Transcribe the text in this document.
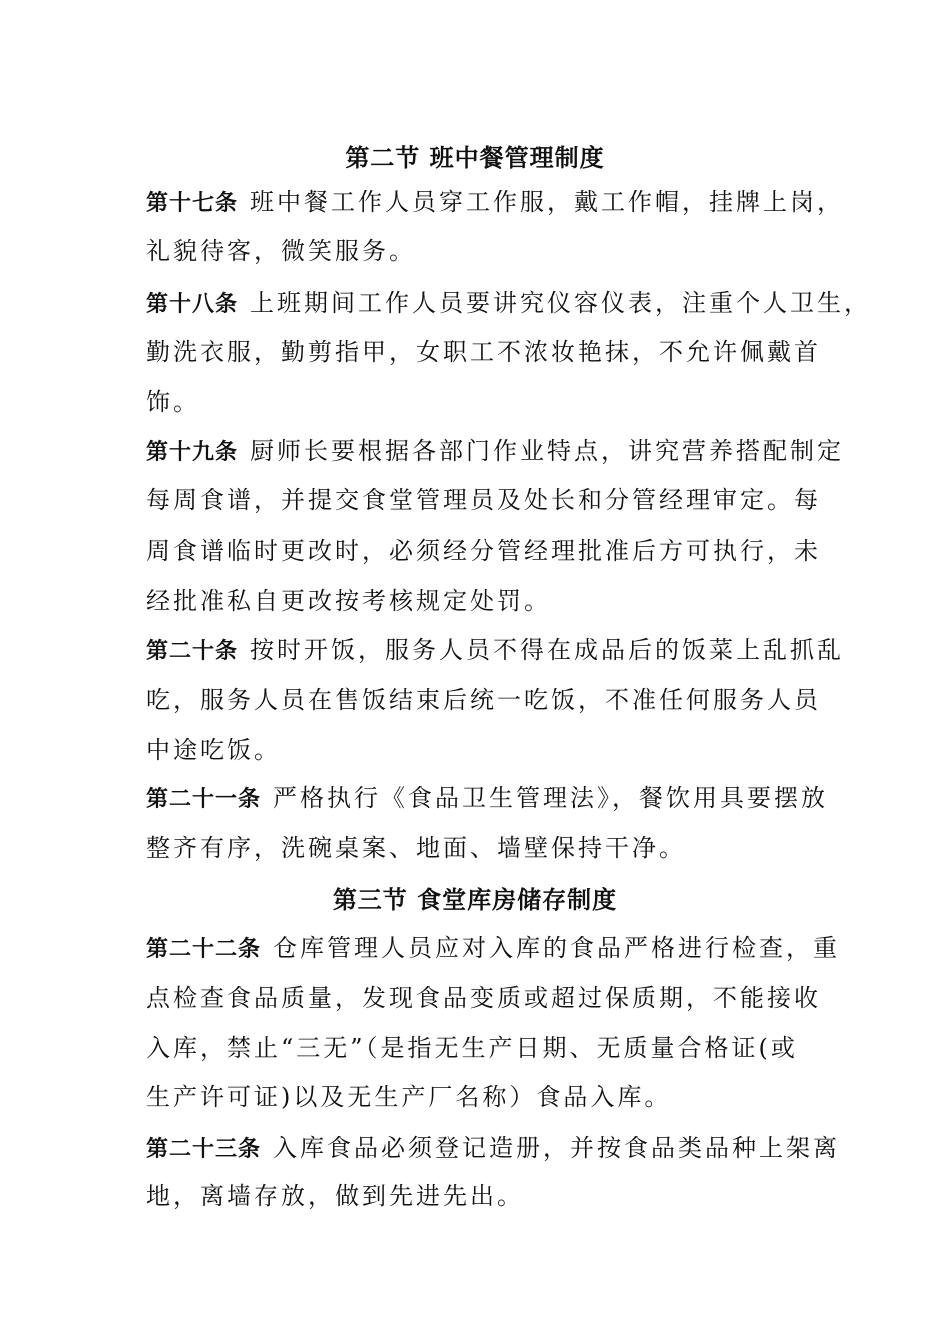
第二节 班中餐管理制度
第十七条 班中餐工作人员穿工作服，戴工作帽，挂牌上岗，
礼貌待客，微笑服务。
第十八条 上班期间工作人员要讲究仪容仪表，注重个人卫生，
勤洗衣服，勤剪指甲，女职工不浓妆艳抹，不允许佩戴首
饰。
第十九条 厨师长要根据各部门作业特点，讲究营养搭配制定
每周食谱，并提交食堂管理员及处长和分管经理审定。每
周食谱临时更改时，必须经分管经理批准后方可执行，未
经批准私自更改按考核规定处罚。
第二十条 按时开饭，服务人员不得在成品后的饭菜上乱抓乱
吃，服务人员在售饭结束后统一吃饭，不准任何服务人员
中途吃饭。
第二十一条 严格执行《食品卫生管理法》，餐饮用具要摆放
整齐有序，洗碗桌案、地面、墙壁保持干净。
第三节 食堂库房储存制度
第二十二条 仓库管理人员应对入库的食品严格进行检查，重
点检查食品质量，发现食品变质或超过保质期，不能接收
入库，禁止“三无”（是指无生产日期、无质量合格证(或
生产许可证)以及无生产厂名称）食品入库。
第二十三条 入库食品必须登记造册，并按食品类品种上架离
地，离墙存放，做到先进先出。
